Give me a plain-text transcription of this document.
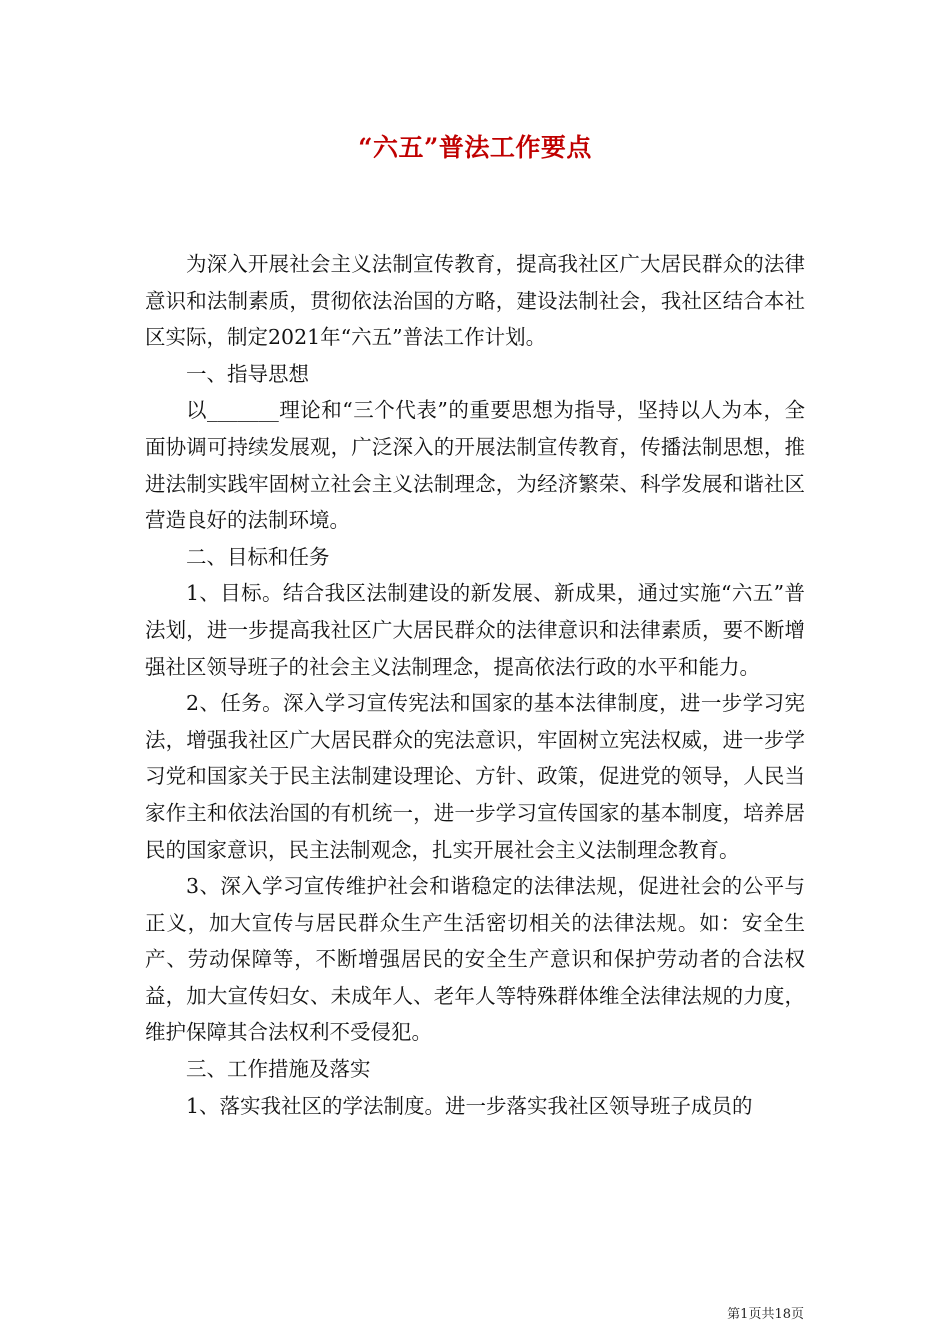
“六五”普法工作要点

为深入开展社会主义法制宣传教育，提高我社区广大居民群众的法律意识和法制素质，贯彻依法治国的方略，建设法制社会，我社区结合本社区实际，制定2021年“六五”普法工作计划。

一、指导思想

以_______理论和“三个代表”的重要思想为指导，坚持以人为本，全面协调可持续发展观，广泛深入的开展法制宣传教育，传播法制思想，推进法制实践牢固树立社会主义法制理念，为经济繁荣、科学发展和谐社区营造良好的法制环境。

二、目标和任务

1、目标。结合我区法制建设的新发展、新成果，通过实施“六五”普法划，进一步提高我社区广大居民群众的法律意识和法律素质，要不断增强社区领导班子的社会主义法制理念，提高依法行政的水平和能力。

2、任务。深入学习宣传宪法和国家的基本法律制度，进一步学习宪法，增强我社区广大居民群众的宪法意识，牢固树立宪法权威，进一步学习党和国家关于民主法制建设理论、方针、政策，促进党的领导，人民当家作主和依法治国的有机统一，进一步学习宣传国家的基本制度，培养居民的国家意识，民主法制观念，扎实开展社会主义法制理念教育。

3、深入学习宣传维护社会和谐稳定的法律法规，促进社会的公平与正义，加大宣传与居民群众生产生活密切相关的法律法规。如：安全生产、劳动保障等，不断增强居民的安全生产意识和保护劳动者的合法权益，加大宣传妇女、未成年人、老年人等特殊群体维全法律法规的力度，维护保障其合法权利不受侵犯。

三、工作措施及落实

1、落实我社区的学法制度。进一步落实我社区领导班子成员的

第1页共18页
